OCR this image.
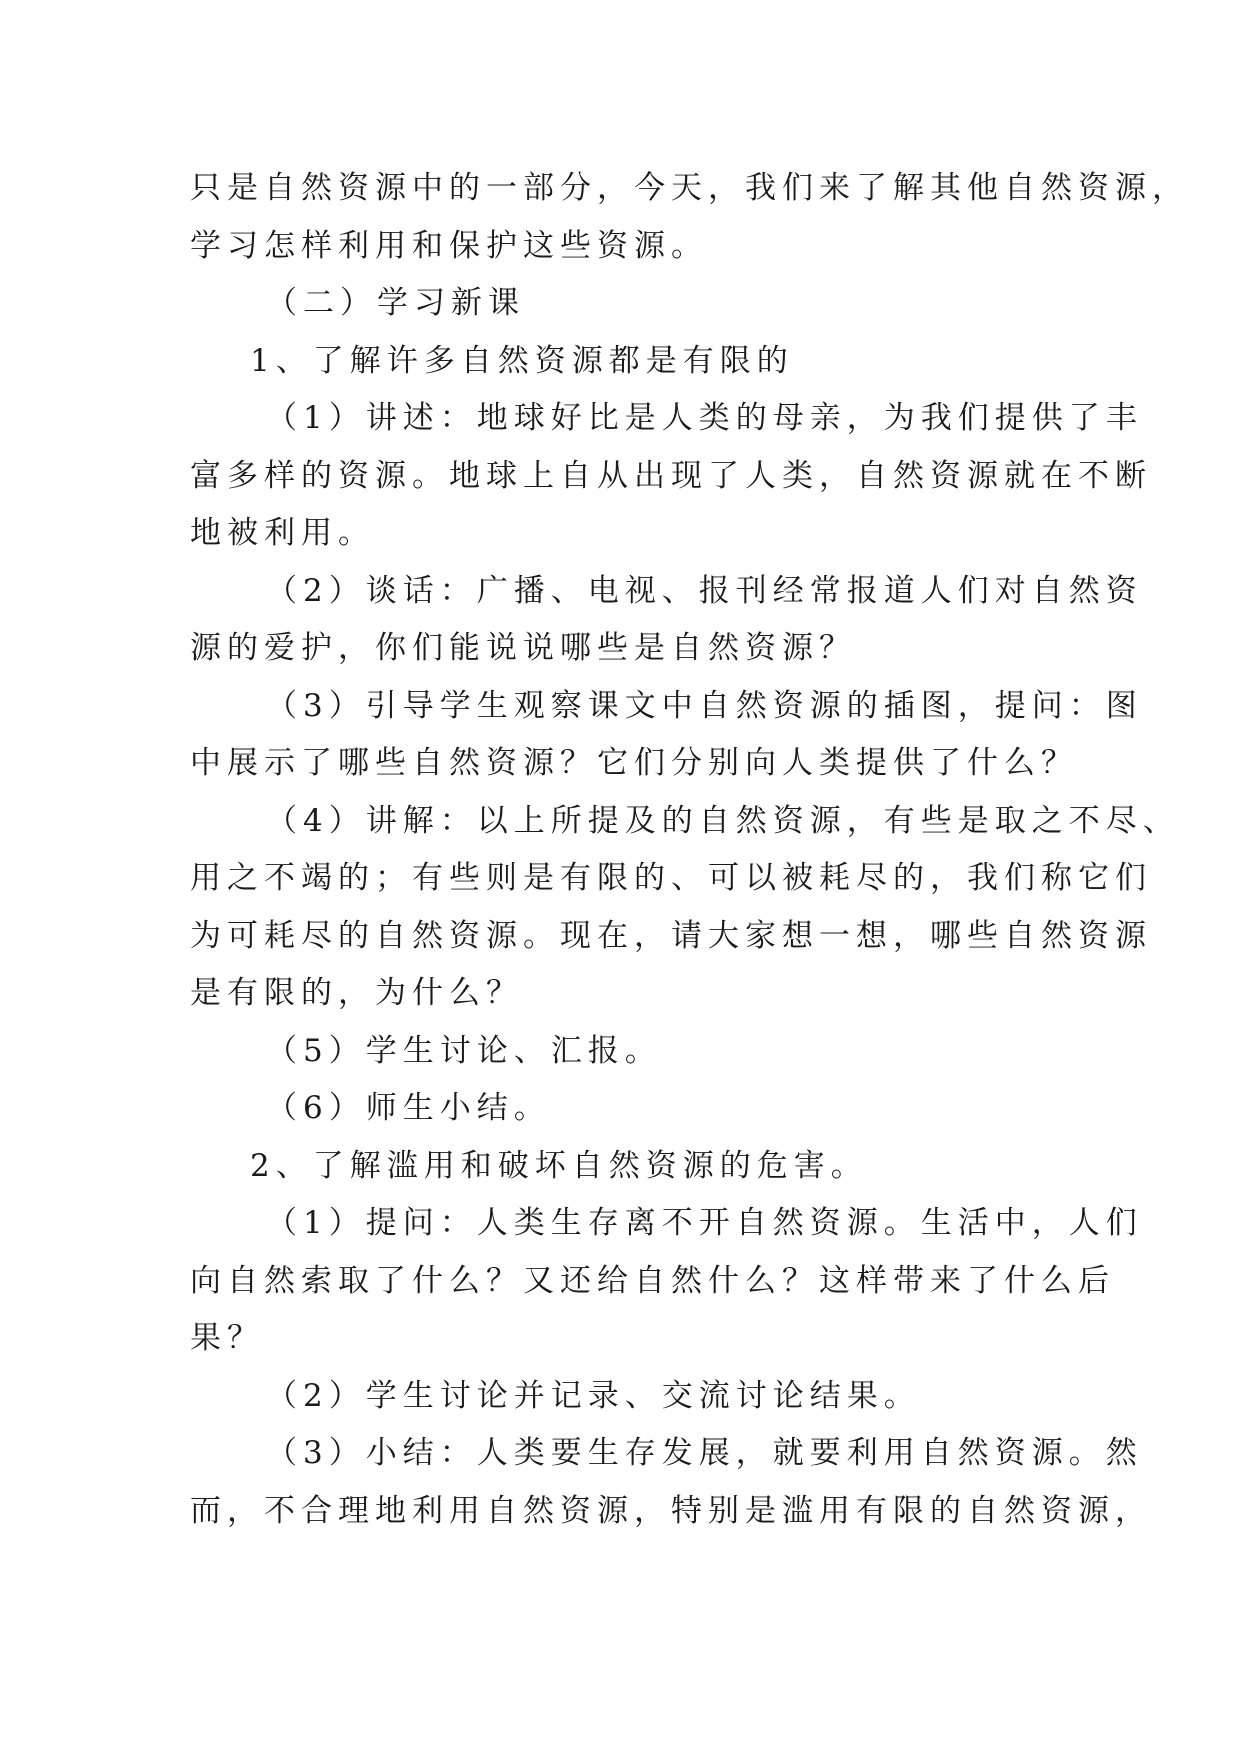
只是自然资源中的一部分，今天，我们来了解其他自然资源，
学习怎样利用和保护这些资源。
（二）学习新课
1、了解许多自然资源都是有限的
（1）讲述：地球好比是人类的母亲，为我们提供了丰
富多样的资源。地球上自从出现了人类，自然资源就在不断
地被利用。
（2）谈话：广播、电视、报刊经常报道人们对自然资
源的爱护，你们能说说哪些是自然资源？
（3）引导学生观察课文中自然资源的插图，提问：图
中展示了哪些自然资源？它们分别向人类提供了什么？
（4）讲解：以上所提及的自然资源，有些是取之不尽、
用之不竭的；有些则是有限的、可以被耗尽的，我们称它们
为可耗尽的自然资源。现在，请大家想一想，哪些自然资源
是有限的，为什么？
（5）学生讨论、汇报。
（6）师生小结。
2、了解滥用和破坏自然资源的危害。
（1）提问：人类生存离不开自然资源。生活中，人们
向自然索取了什么？又还给自然什么？这样带来了什么后
果？
（2）学生讨论并记录、交流讨论结果。
（3）小结：人类要生存发展，就要利用自然资源。然
而，不合理地利用自然资源，特别是滥用有限的自然资源，
